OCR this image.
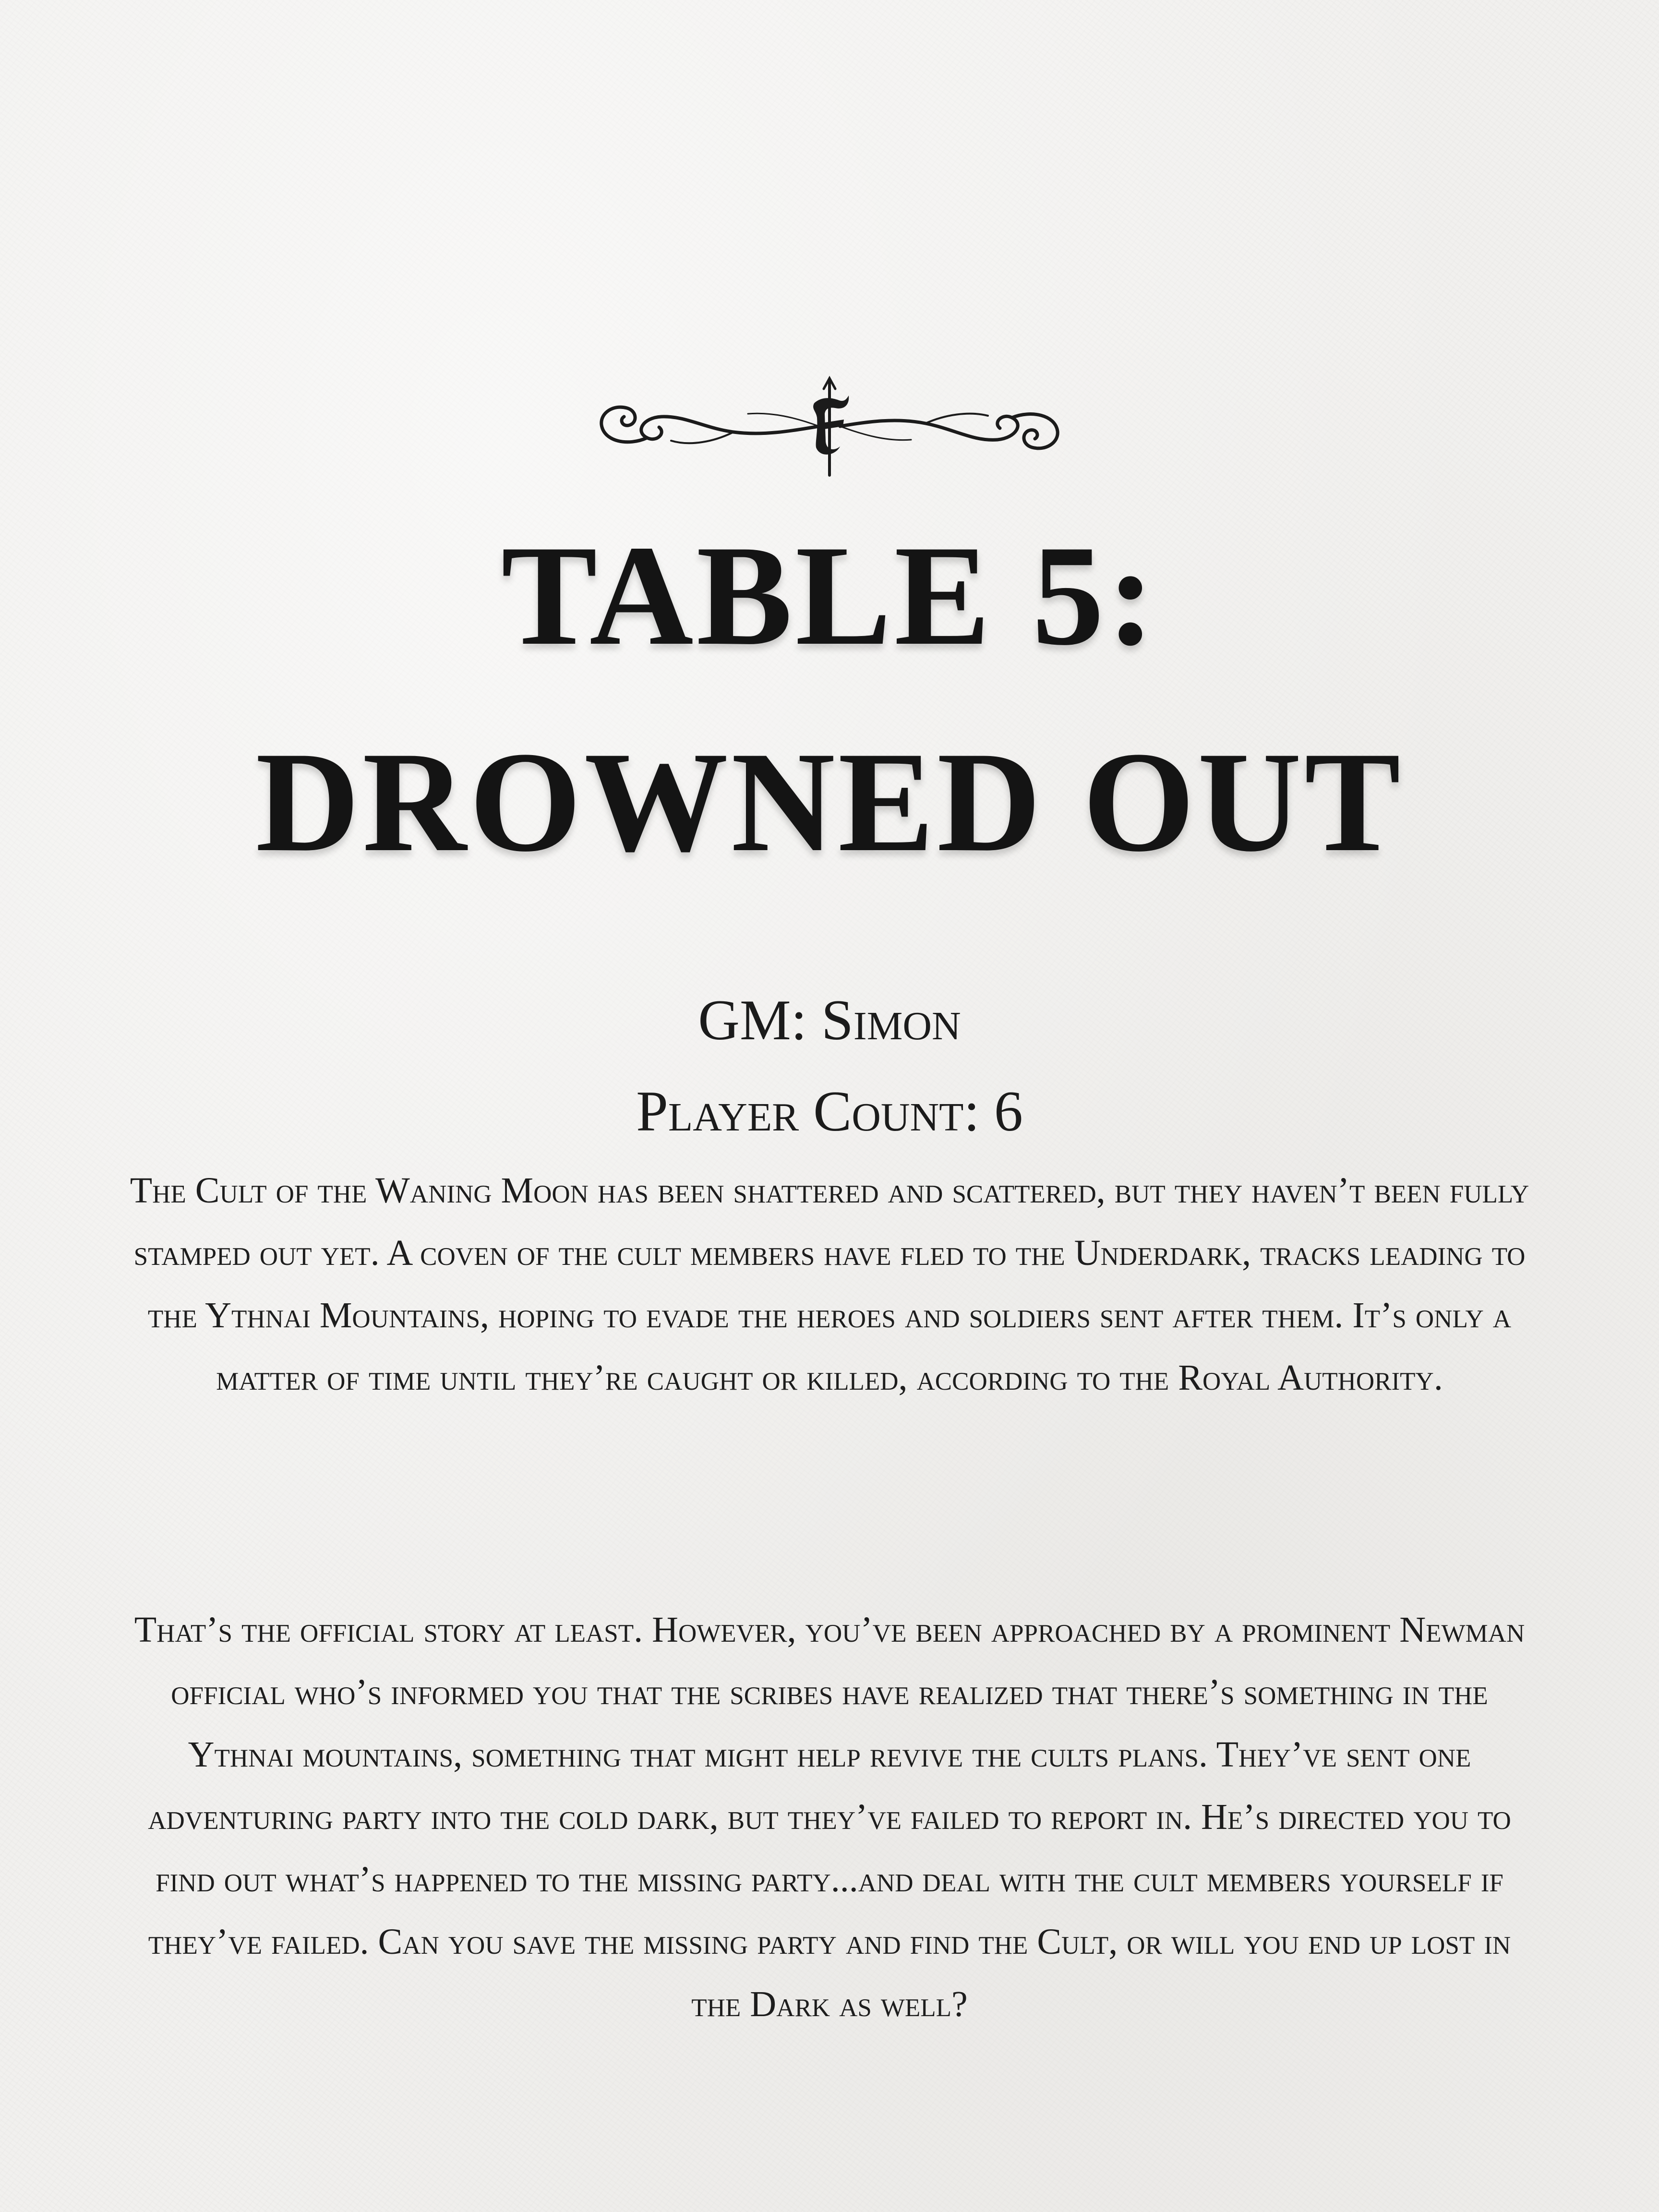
TABLE 5:
DROWNED OUT

GM: Simon

Player Count: 6

The Cult of the Waning Moon has been shattered and scattered, but they haven’t been fully stamped out yet. A coven of the cult members have fled to the Underdark, tracks leading to the Ythnai Mountains, hoping to evade the heroes and soldiers sent after them. It’s only a matter of time until they’re caught or killed, according to the Royal Authority.

That’s the official story at least. However, you’ve been approached by a prominent Newman official who’s informed you that the scribes have realized that there’s something in the Ythnai mountains, something that might help revive the cults plans. They’ve sent one adventuring party into the cold dark, but they’ve failed to report in. He’s directed you to find out what’s happened to the missing party...and deal with the cult members yourself if they’ve failed. Can you save the missing party and find the Cult, or will you end up lost in the Dark as well?
